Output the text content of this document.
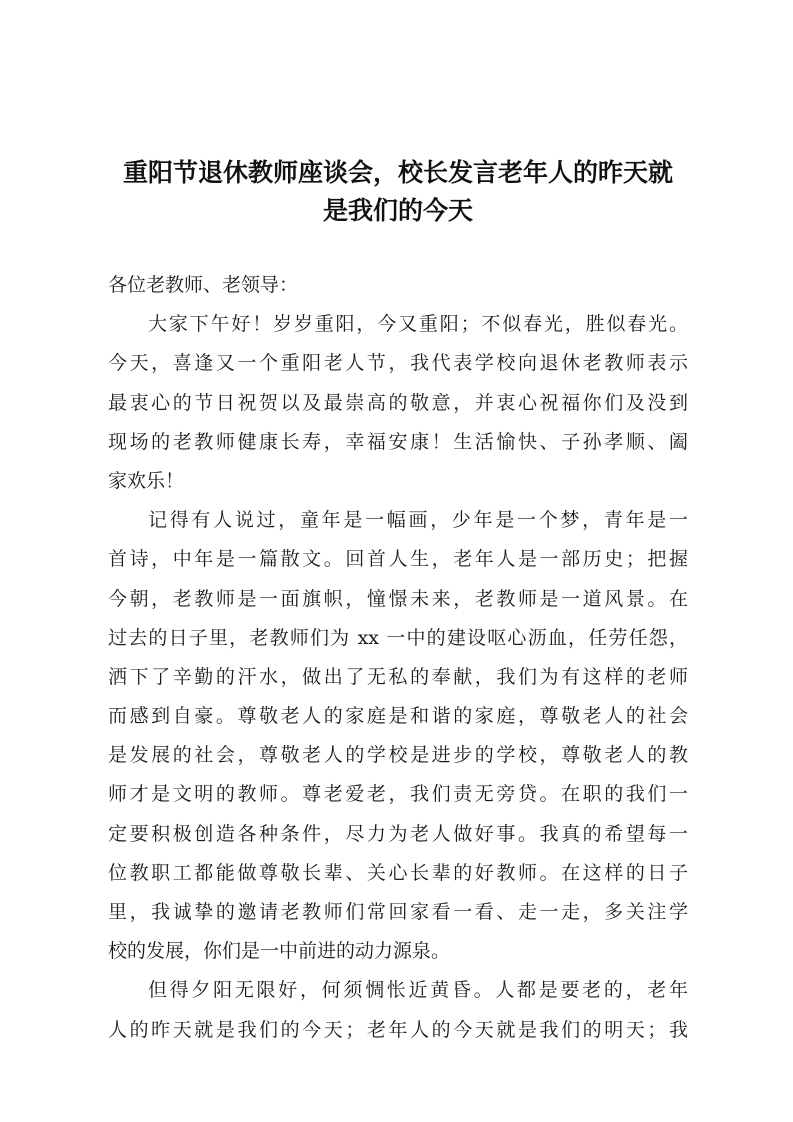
重阳节退休教师座谈会，校长发言老年人的昨天就
是我们的今天
各位老教师、老领导：
大家下午好！岁岁重阳，今又重阳；不似春光，胜似春光。
今天，喜逢又一个重阳老人节，我代表学校向退休老教师表示
最衷心的节日祝贺以及最崇高的敬意，并衷心祝福你们及没到
现场的老教师健康长寿，幸福安康！生活愉快、子孙孝顺、阖
家欢乐！
记得有人说过，童年是一幅画，少年是一个梦，青年是一
首诗，中年是一篇散文。回首人生，老年人是一部历史；把握
今朝，老教师是一面旗帜，憧憬未来，老教师是一道风景。在
过去的日子里，老教师们为 xx 一中的建设呕心沥血，任劳任怨，
洒下了辛勤的汗水，做出了无私的奉献，我们为有这样的老师
而感到自豪。尊敬老人的家庭是和谐的家庭，尊敬老人的社会
是发展的社会，尊敬老人的学校是进步的学校，尊敬老人的教
师才是文明的教师。尊老爱老，我们责无旁贷。在职的我们一
定要积极创造各种条件，尽力为老人做好事。我真的希望每一
位教职工都能做尊敬长辈、关心长辈的好教师。在这样的日子
里，我诚挚的邀请老教师们常回家看一看、走一走，多关注学
校的发展，你们是一中前进的动力源泉。
但得夕阳无限好，何须惆怅近黄昏。人都是要老的，老年
人的昨天就是我们的今天；老年人的今天就是我们的明天；我
